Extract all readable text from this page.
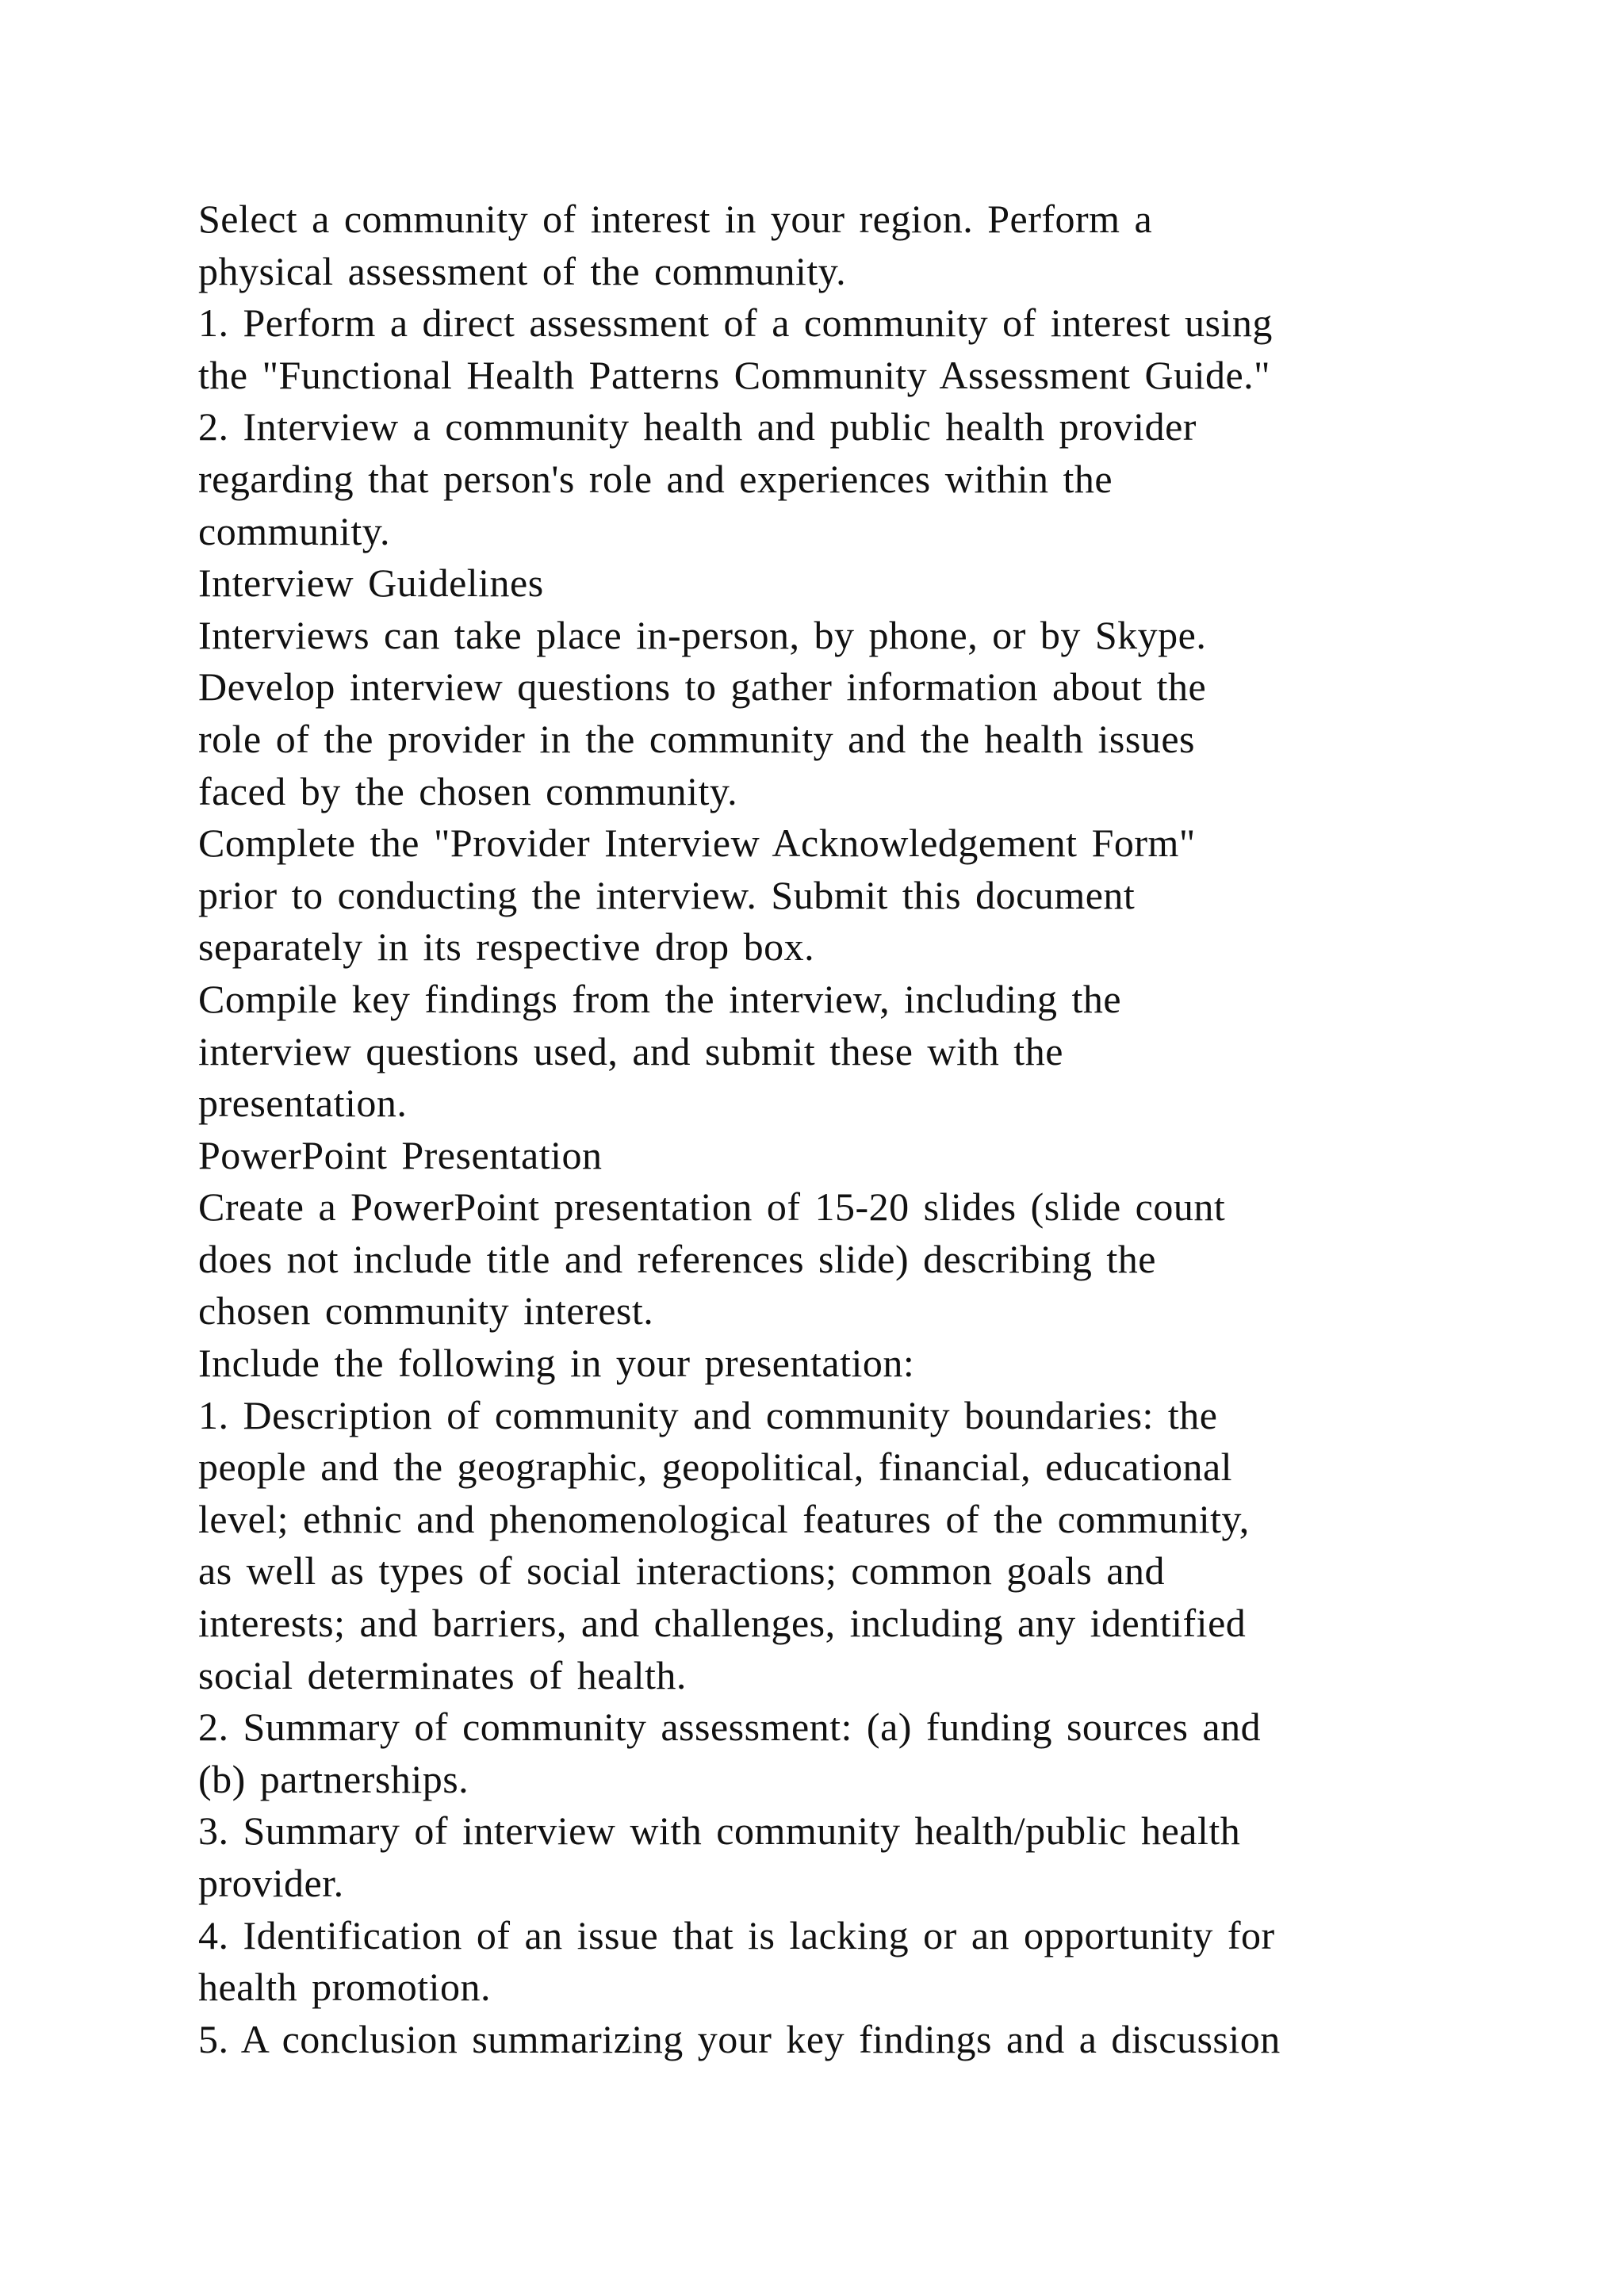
Select a community of interest in your region. Perform a
physical assessment of the community.
1. Perform a direct assessment of a community of interest using
the "Functional Health Patterns Community Assessment Guide."
2. Interview a community health and public health provider
regarding that person's role and experiences within the
community.
Interview Guidelines
Interviews can take place in-person, by phone, or by Skype.
Develop interview questions to gather information about the
role of the provider in the community and the health issues
faced by the chosen community.
Complete the "Provider Interview Acknowledgement Form"
prior to conducting the interview. Submit this document
separately in its respective drop box.
Compile key findings from the interview, including the
interview questions used, and submit these with the
presentation.
PowerPoint Presentation
Create a PowerPoint presentation of 15-20 slides (slide count
does not include title and references slide) describing the
chosen community interest.
Include the following in your presentation:
1. Description of community and community boundaries: the
people and the geographic, geopolitical, financial, educational
level; ethnic and phenomenological features of the community,
as well as types of social interactions; common goals and
interests; and barriers, and challenges, including any identified
social determinates of health.
2. Summary of community assessment: (a) funding sources and
(b) partnerships.
3. Summary of interview with community health/public health
provider.
4. Identification of an issue that is lacking or an opportunity for
health promotion.
5. A conclusion summarizing your key findings and a discussion
